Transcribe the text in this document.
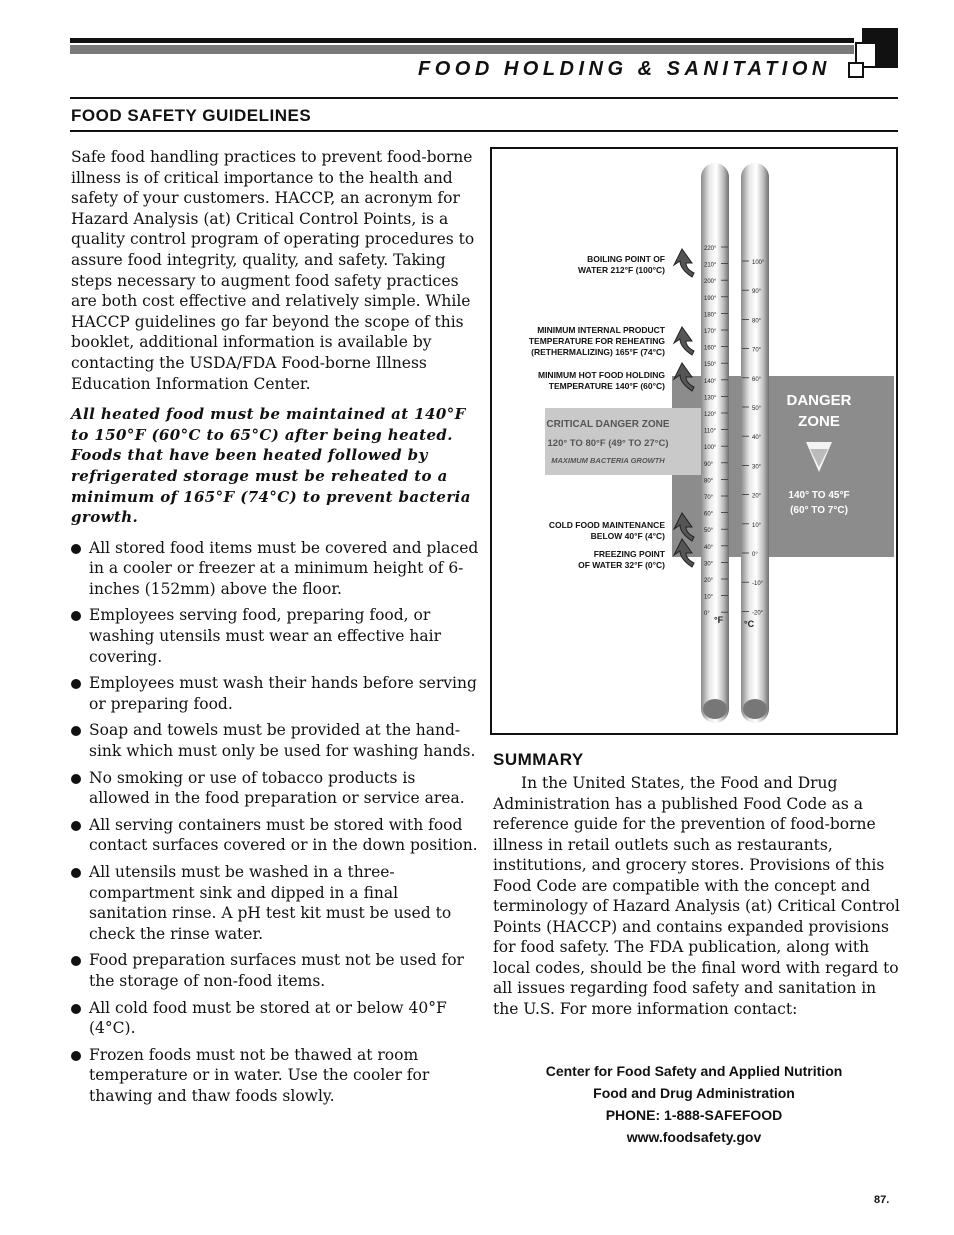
FOOD HOLDING & SANITATION
FOOD SAFETY GUIDELINES

Safe food handling practices to prevent food-borne illness is of critical importance to the health and safety of your customers. HACCP, an acronym for Hazard Analysis (at) Critical Control Points, is a quality control program of operating procedures to assure food integrity, quality, and safety. Taking steps necessary to augment food safety practices are both cost effective and relatively simple. While HACCP guidelines go far beyond the scope of this booklet, additional information is available by contacting the USDA/FDA Food-borne Illness Education Information Center.

All heated food must be maintained at 140°F to 150°F (60°C to 65°C) after being heated. Foods that have been heated followed by refrigerated storage must be reheated to a minimum of 165°F (74°C) to prevent bacteria growth.

All stored food items must be covered and placed in a cooler or freezer at a minimum height of 6-inches (152mm) above the floor.
Employees serving food, preparing food, or washing utensils must wear an effective hair covering.
Employees must wash their hands before serving or preparing food.
Soap and towels must be provided at the hand-sink which must only be used for washing hands.
No smoking or use of tobacco products is allowed in the food preparation or service area.
All serving containers must be stored with food contact surfaces covered or in the down position.
All utensils must be washed in a three-compartment sink and dipped in a final sanitation rinse. A pH test kit must be used to check the rinse water.
Food preparation surfaces must not be used for the storage of non-food items.
All cold food must be stored at or below 40°F (4°C).
Frozen foods must not be thawed at room temperature or in water. Use the cooler for thawing and thaw foods slowly.
220°
210°
200°
190°
180°
170°
160°
150°
140°
130°
120°
110°
100°
90°
80°
70°
60°
50°
40°
30°
20°
10°
0°
100°
90°
80°
70°
60°
50°
40°
30°
20°
10°
0°
-10°
-20°
°F °C
BOILING POINT OF
WATER 212°F (100°C)
MINIMUM INTERNAL PRODUCT
TEMPERATURE FOR REHEATING
(RETHERMALIZING) 165°F (74°C)
MINIMUM HOT FOOD HOLDING
TEMPERATURE 140°F (60°C)
COLD FOOD MAINTENANCE
BELOW 40°F (4°C)
FREEZING POINT
OF WATER 32°F (0°C)
CRITICAL DANGER ZONE
120° TO 80°F (49° TO 27°C)
MAXIMUM BACTERIA GROWTH
DANGER
ZONE
140° TO 45°F
(60° TO 7°C)
SUMMARY

In the United States, the Food and Drug Administration has a published Food Code as a reference guide for the prevention of food-borne illness in retail outlets such as restaurants, institutions, and grocery stores. Provisions of this Food Code are compatible with the concept and terminology of Hazard Analysis (at) Critical Control Points (HACCP) and contains expanded provisions for food safety. The FDA publication, along with local codes, should be the final word with regard to all issues regarding food safety and sanitation in the U.S. For more information contact:

Center for Food Safety and Applied Nutrition
Food and Drug Administration
PHONE: 1-888-SAFEFOOD
www.foodsafety.gov
87.
